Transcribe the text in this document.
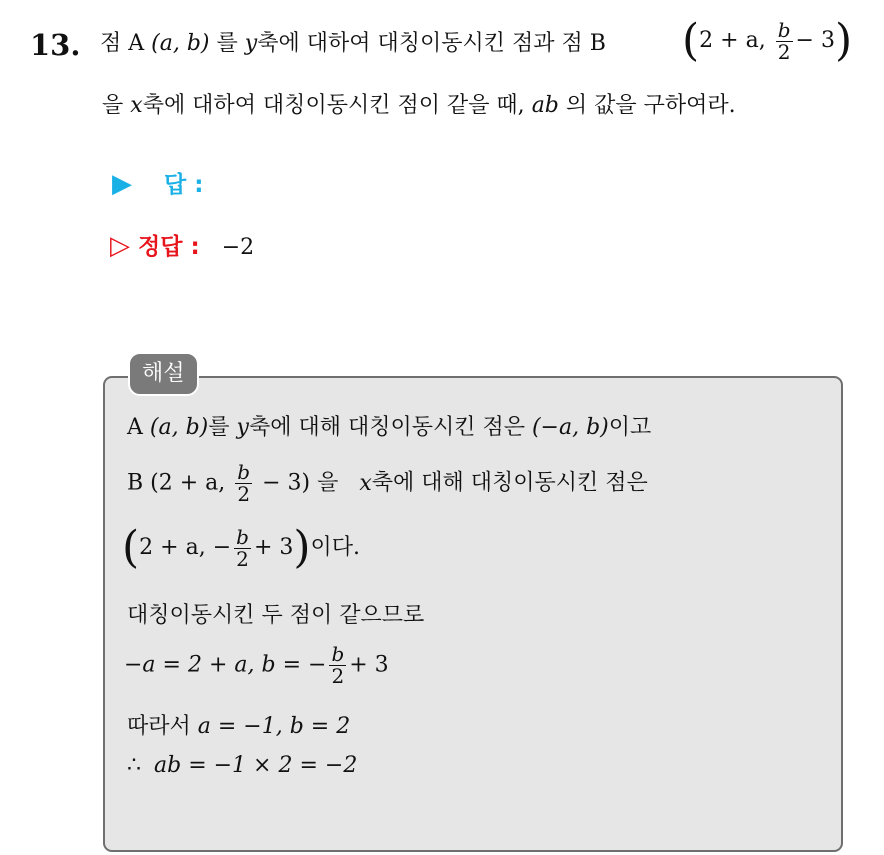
13. 점 A (a, b) 를 y축에 대하여 대칭이동시킨 점과 점 B (2 + a, $\frac{b}{2} - 3$)
을 x축에 대하여 대칭이동시킨 점이 같을 때, ab 의 값을 구하여라.
▶ 답 :
▷ 정답 : −2
해설
A (a, b)를 y축에 대해 대칭이동시킨 점은 (−a, b)이고
B (2 + a, $\frac{b}{2} - 3$) 을 x축에 대해 대칭이동시킨 점은
(2 + a, − $\frac{b}{2} + 3$)이다.
대칭이동시킨 두 점이 같으므로
−a = 2 + a, b = − $\frac{b}{2} + 3$
따라서 a = −1, b = 2
∴ ab = −1 × 2 = −2
